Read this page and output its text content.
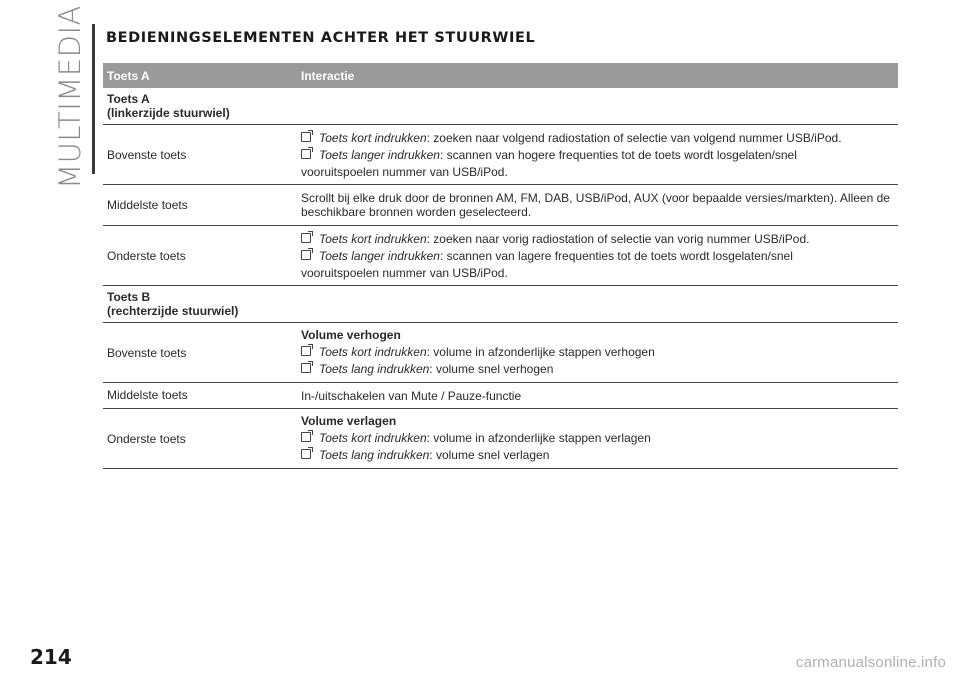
MULTIMEDIA BEDIENINGSELEMENTEN ACHTER HET STUURWIEL
Toets A	Interactie

Toets A
(linkerzijde stuurwiel)	

Bovenste toets	Toets kort indrukken: zoeken naar volgend radiostation of selectie van volgend nummer USB/iPod.
Toets langer indrukken: scannen van hogere frequenties tot de toets wordt losgelaten/snel
vooruitspoelen nummer van USB/iPod.

Middelste toets	Scrollt bij elke druk door de bronnen AM, FM, DAB, USB/iPod, AUX (voor bepaalde versies/markten). Alleen de beschikbare bronnen worden geselecteerd.
Onderste toets	Toets kort indrukken: zoeken naar vorig radiostation of selectie van vorig nummer USB/iPod.
Toets langer indrukken: scannen van lagere frequenties tot de toets wordt losgelaten/snel
vooruitspoelen nummer van USB/iPod.

Toets B
(rechterzijde stuurwiel)	

Bovenste toets	Volume verhogen
Toets kort indrukken: volume in afzonderlijke stappen verhogen
Toets lang indrukken: volume snel verhogen

Middelste toets	In-/uitschakelen van Mute / Pauze-functie
Onderste toets	Volume verlagen
Toets kort indrukken: volume in afzonderlijke stappen verlagen
Toets lang indrukken: volume snel verlagen

214	carmanualsonline.info
